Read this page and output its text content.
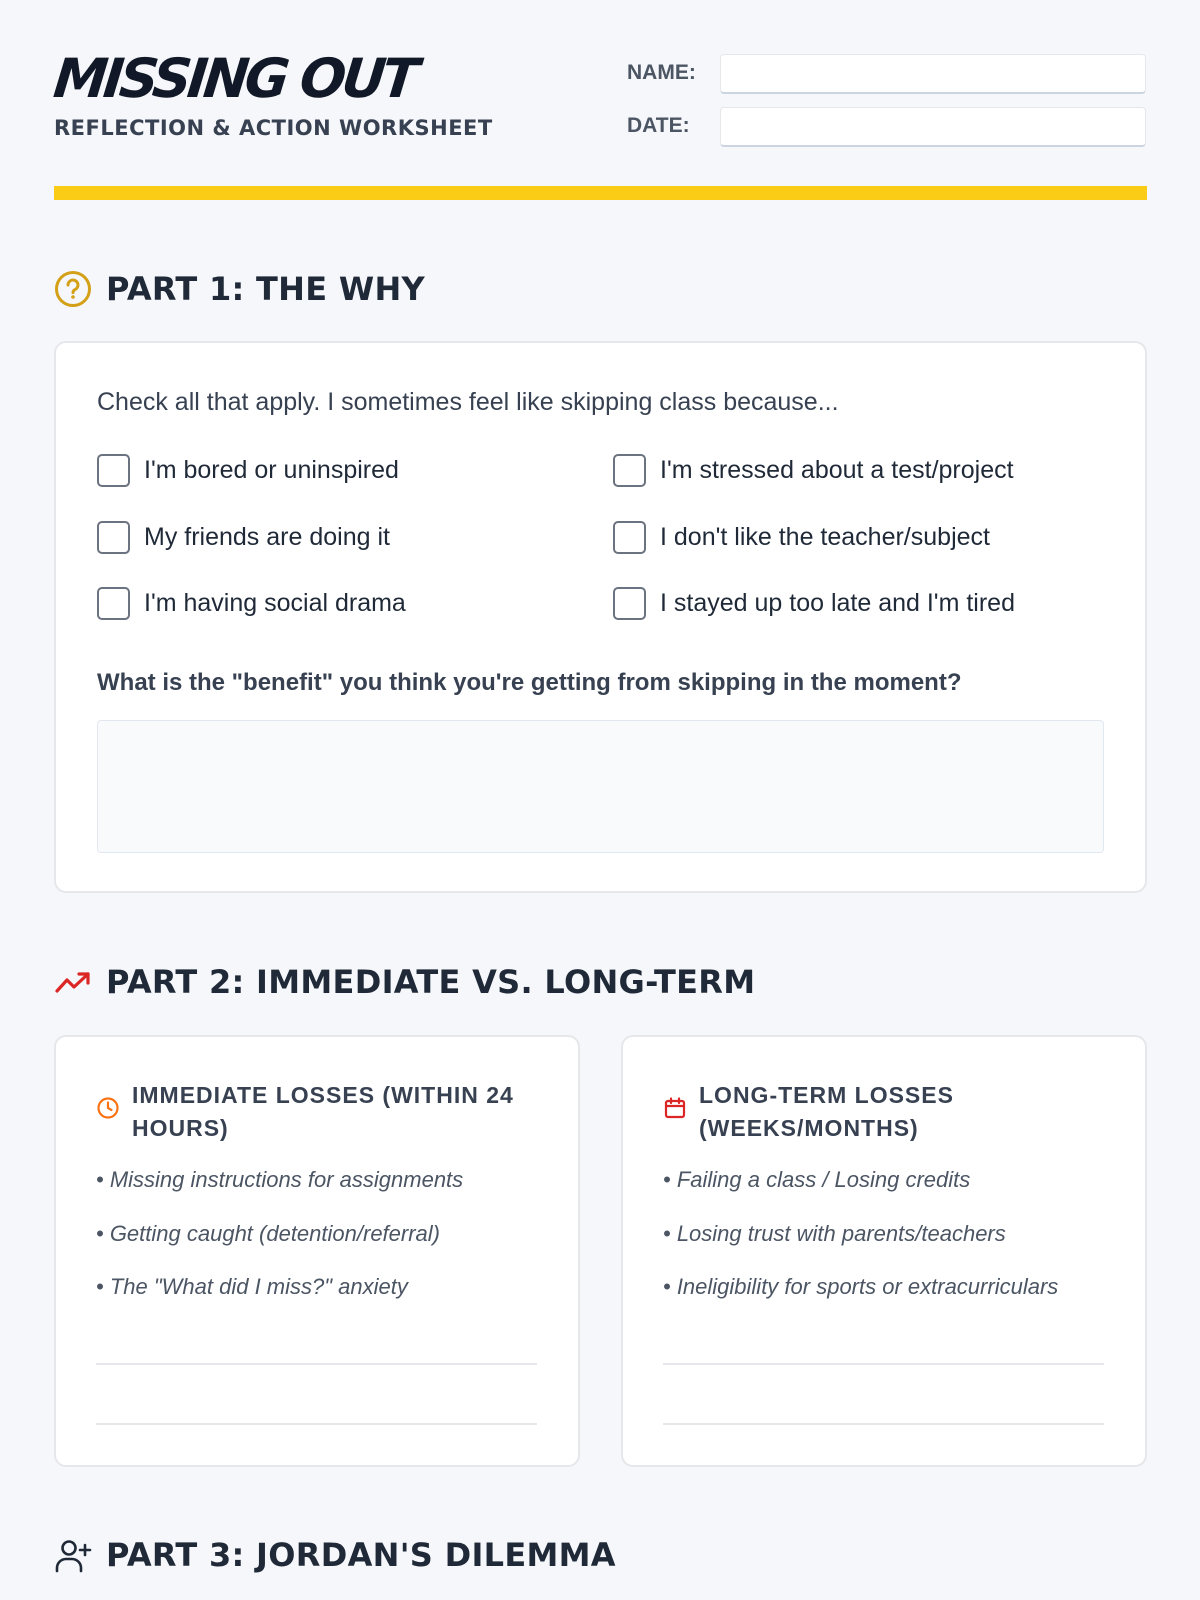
MISSING OUT
REFLECTION & ACTION WORKSHEET
NAME:
DATE:
PART 1: THE WHY
Check all that apply. I sometimes feel like skipping class because...
I'm bored or uninspired	I'm stressed about a test/project
My friends are doing it	I don't like the teacher/subject
I'm having social drama	I stayed up too late and I'm tired
What is the "benefit" you think you're getting from skipping in the moment?
PART 2: IMMEDIATE VS. LONG-TERM
IMMEDIATE LOSSES (WITHIN 24
HOURS)
• Missing instructions for assignments
• Getting caught (detention/referral)
• The "What did I miss?" anxiety
LONG-TERM LOSSES
(WEEKS/MONTHS)
• Failing a class / Losing credits
• Losing trust with parents/teachers
• Ineligibility for sports or extracurriculars
PART 3: JORDAN'S DILEMMA
